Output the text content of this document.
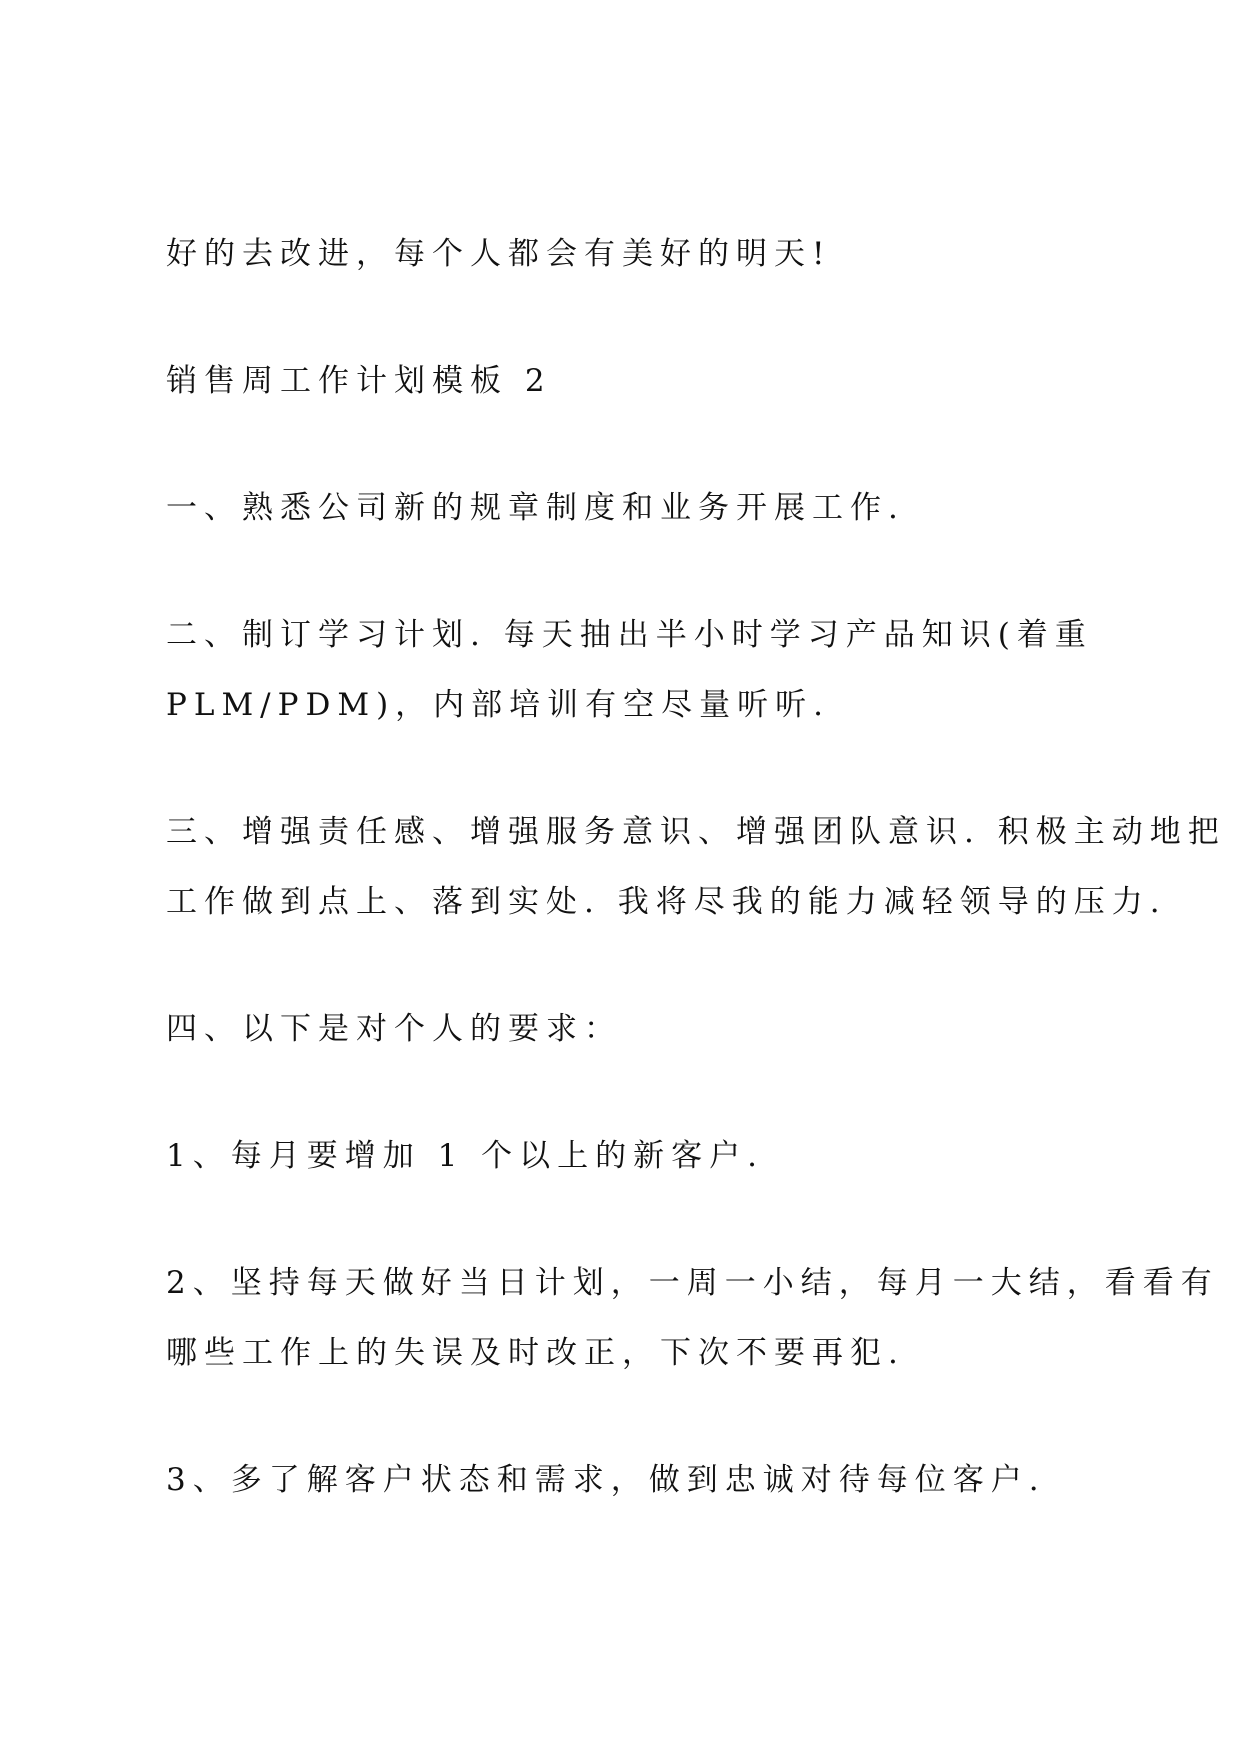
好的去改进，每个人都会有美好的明天!

销售周工作计划模板 2

一、熟悉公司新的规章制度和业务开展工作.

二、制订学习计划. 每天抽出半小时学习产品知识(着重

PLM/PDM)，内部培训有空尽量听听.

三、增强责任感、增强服务意识、增强团队意识. 积极主动地把

工作做到点上、落到实处. 我将尽我的能力减轻领导的压力.

四、以下是对个人的要求：

1、每月要增加 1 个以上的新客户.

2、坚持每天做好当日计划，一周一小结，每月一大结，看看有

哪些工作上的失误及时改正，下次不要再犯.

3、多了解客户状态和需求，做到忠诚对待每位客户.
